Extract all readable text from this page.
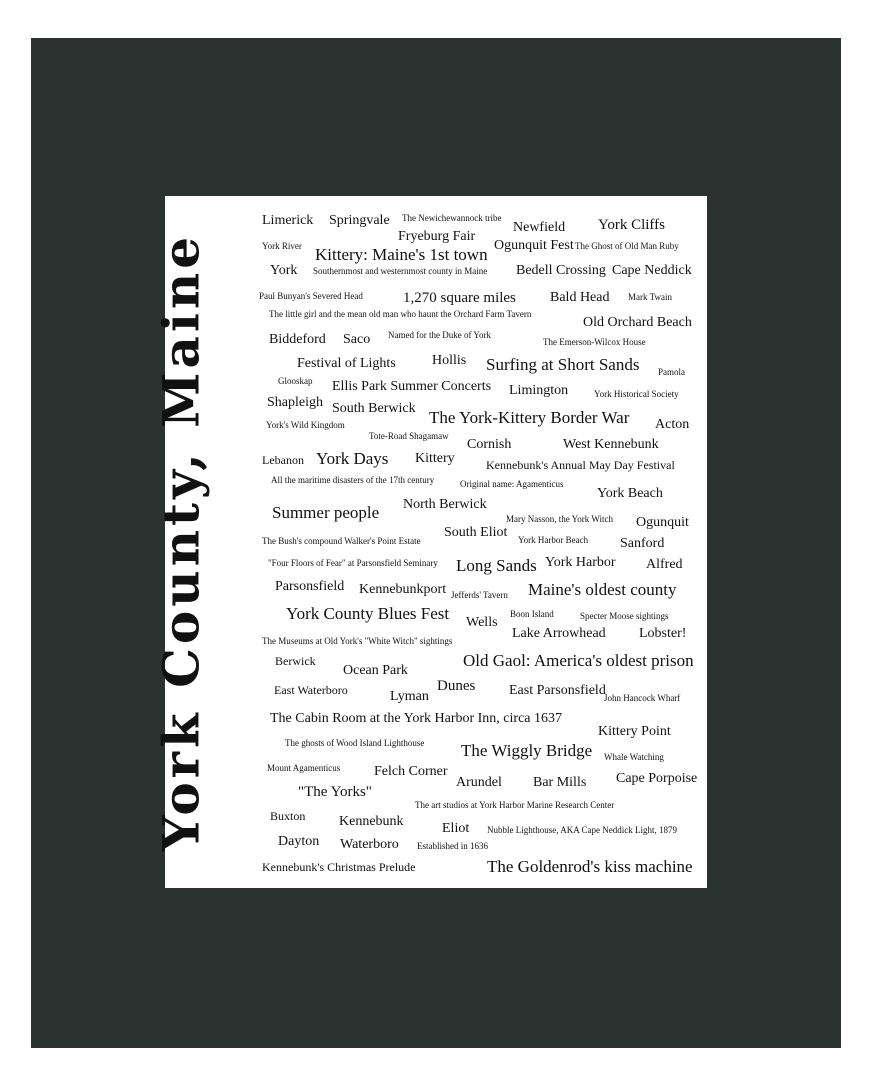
York County, Maine
Limerick Springvale The Newichewannock tribe
Newfield York Cliffs
Fryeburg Fair
York River Kittery: Maine's 1st town Ogunquit Fest The Ghost of Old Man Ruby
York Southernmost and westernmost county in Maine Bedell Crossing Cape Neddick
Paul Bunyan's Severed Head	1,270 square miles Bald Head Mark Twain
The little girl and the mean old man who haunt the Orchard Farm Tavern
Old Orchard Beach
Biddeford Saco Named for the Duke of York
The Emerson-Wilcox House
Festival of Lights	Hollis Surfing at Short Sands Pamola
Glooskap Ellis Park Summer Concerts Limington	York Historical Society
Shapleigh South Berwick The York-Kittery Border War Acton
York's Wild Kingdom
Tote-Road Shagamaw
Cornish	West Kennebunk
Lebanon York Days Kittery	Kennebunk's Annual May Day Festival
All the maritime disasters of the 17th century	Original name: Agamenticus
York Beach
North Berwick
Summer people	Mary Nasson, the York Witch Ogunquit
The Bush's compound Walker's Point Estate
South Eliot York Harbor Beach Sanford
"Four Floors of Fear" at Parsonsfield Seminary Long Sands York Harbor Alfred
Parsonsfield Kennebunkport Jefferds' Tavern Maine's oldest county
York County Blues Fest Wells
Boon Island	Specter Moose sightings
Lake Arrowhead Lobster!
The Museums at Old York's "White Witch" sightings
Berwick	Old Gaol: America's oldest prison
Ocean Park
East Waterboro	Dunes
Lyman	East Parsonsfield
John Hancock Wharf
The Cabin Room at the York Harbor Inn, circa 1637
Kittery Point
The ghosts of Wood Island Lighthouse The Wiggly Bridge Whale Watching
Mount Agamenticus Felch Corner
Arundel Bar Mills Cape Porpoise
"The Yorks"
The art studios at York Harbor Marine Research Center
Buxton Kennebunk	Eliot Nubble Lighthouse, AKA Cape Neddick Light, 1879
Dayton Waterboro Established in 1636
Kennebunk's Christmas Prelude	The Goldenrod's kiss machine
